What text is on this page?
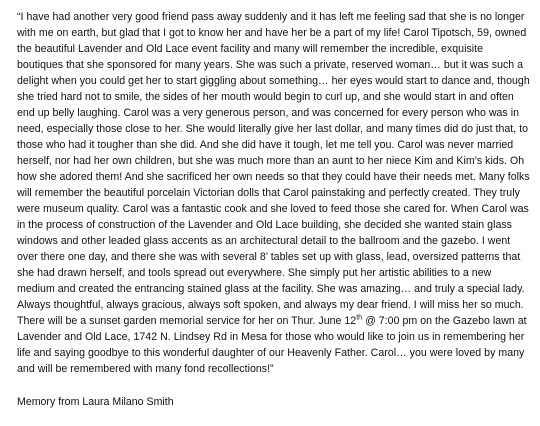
“I have had another very good friend pass away suddenly and it has left me feeling sad that she is no longer with me on earth, but glad that I got to know her and have her be a part of my life! Carol Tipotsch, 59, owned the beautiful Lavender and Old Lace event facility and many will remember the incredible, exquisite boutiques that she sponsored for many years. She was such a private, reserved woman… but it was such a delight when you could get her to start giggling about something… her eyes would start to dance and, though she tried hard not to smile, the sides of her mouth would begin to curl up, and she would start in and often end up belly laughing. Carol was a very generous person, and was concerned for every person who was in need, especially those close to her. She would literally give her last dollar, and many times did do just that, to those who had it tougher than she did. And she did have it tough, let me tell you. Carol was never married herself, nor had her own children, but she was much more than an aunt to her niece Kim and Kim’s kids. Oh how she adored them! And she sacrificed her own needs so that they could have their needs met. Many folks will remember the beautiful porcelain Victorian dolls that Carol painstaking and perfectly created. They truly were museum quality. Carol was a fantastic cook and she loved to feed those she cared for. When Carol was in the process of construction of the Lavender and Old Lace building, she decided she wanted stain glass windows and other leaded glass accents as an architectural detail to the ballroom and the gazebo. I went over there one day, and there she was with several 8’ tables set up with glass, lead, oversized patterns that she had drawn herself, and tools spread out everywhere. She simply put her artistic abilities to a new medium and created the entrancing stained glass at the facility. She was amazing… and truly a special lady. Always thoughtful, always gracious, always soft spoken, and always my dear friend. I will miss her so much. There will be a sunset garden memorial service for her on Thur. June 12th @ 7:00 pm on the Gazebo lawn at Lavender and Old Lace, 1742 N. Lindsey Rd in Mesa for those who would like to join us in remembering her life and saying goodbye to this wonderful daughter of our Heavenly Father. Carol… you were loved by many and will be remembered with many fond recollections!”

Memory from Laura Milano Smith
